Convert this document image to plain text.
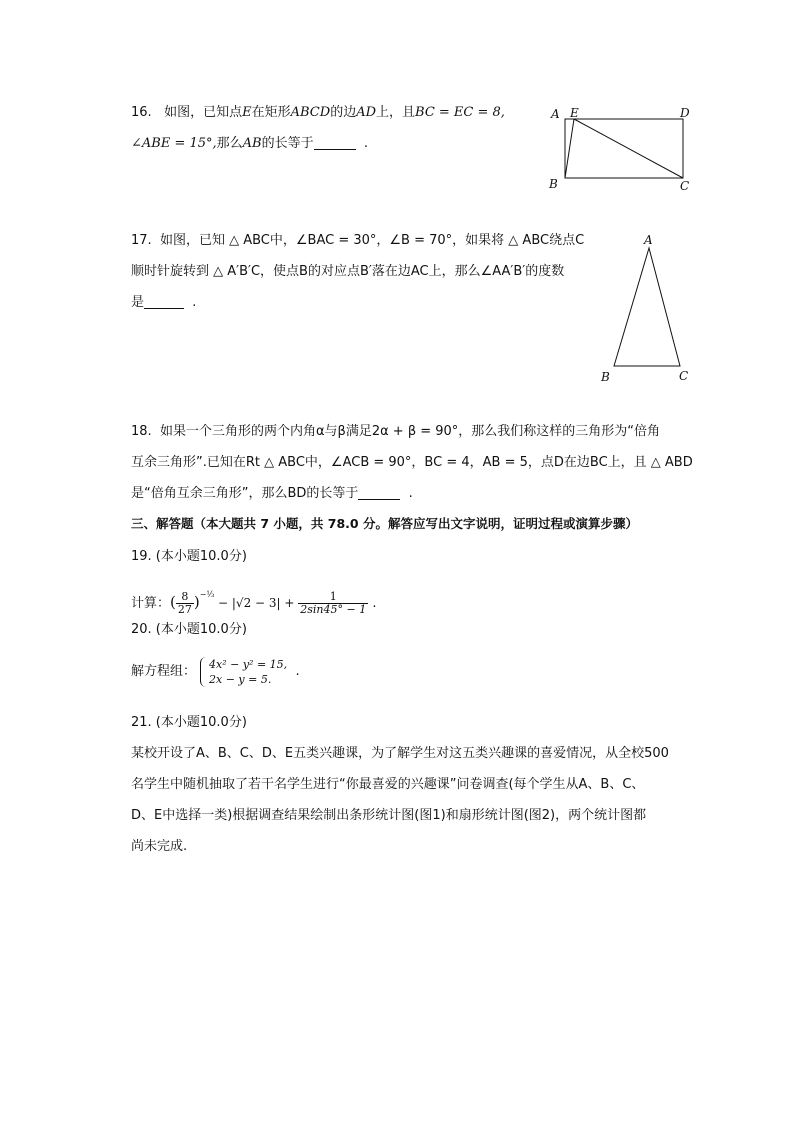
16. 如图，已知点E在矩形ABCD的边AD上，且BC = EC = 8,
∠ABE = 15°,那么AB的长等于	.
A E	D
B	C
17. 如图，已知 △ ABC中，∠BAC = 30°，∠B = 70°，如果将 △ ABC绕点C
顺时针旋转到 △ A′B′C，使点B的对应点B′落在边AC上，那么∠AA′B′的度数
是	.
A
B	C
18. 如果一个三角形的两个内角α与β满足2α + β = 90°，那么我们称这样的三角形为“倍角
互余三角形”.已知在Rt △ ABC中，∠ACB = 90°，BC = 4，AB = 5，点D在边BC上，且 △ ABD
是“倍角互余三角形”，那么BD的长等于	.
三、解答题（本大题共 7 小题，共 78.0 分。解答应写出文字说明，证明过程或演算步骤）
19. (本小题10.0分)
计算：( $\frac{8}{27} )^{-\frac{1}{3}} - |√2 - 3| + \frac{1}{2\sin 45^\circ - 1}$ .
20. (本小题10.0分)
解方程组： 4x² − y² = 15,
2x − y = 5.	.
21. (本小题10.0分)
某校开设了A、B、C、D、E五类兴趣课，为了解学生对这五类兴趣课的喜爱情况，从全校500
名学生中随机抽取了若干名学生进行“你最喜爱的兴趣课”问卷调查(每个学生从A、B、C、
D、E中选择一类)根据调查结果绘制出条形统计图(图1)和扇形统计图(图2)，两个统计图都
尚未完成.
